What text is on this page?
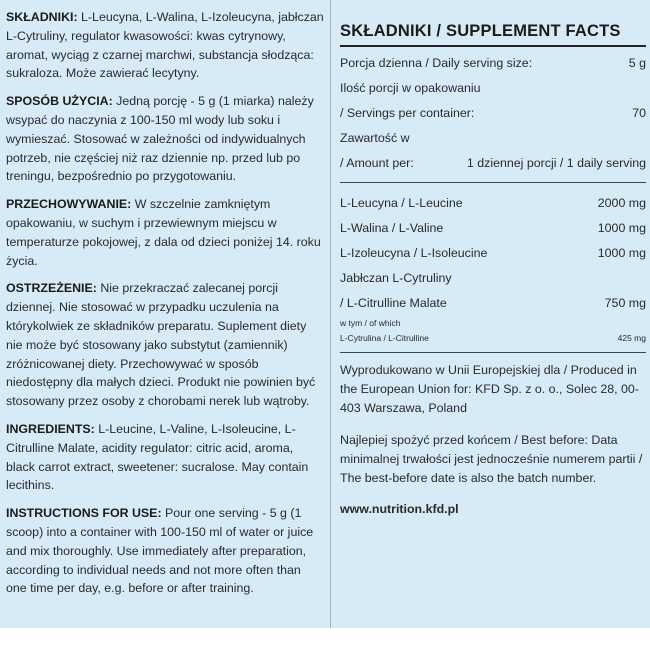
SKŁADNIKI: L-Leucyna, L-Walina, L-Izoleucyna, jabłczan L-Cytruliny, regulator kwasowości: kwas cytrynowy, aromat, wyciąg z czarnej marchwi, substancja słodząca: sukraloza. Może zawierać lecytyny.
SPOSÓB UŻYCIA: Jedną porcję - 5 g (1 miarka) należy wsypać do naczynia z 100-150 ml wody lub soku i wymieszać. Stosować w zależności od indywidualnych potrzeb, nie częściej niż raz dziennie np. przed lub po treningu, bezpośrednio po przygotowaniu.
PRZECHOWYWANIE: W szczelnie zamkniętym opakowaniu, w suchym i przewiewnym miejscu w temperaturze pokojowej, z dala od dzieci poniżej 14. roku życia.
OSTRZEŻENIE: Nie przekraczać zalecanej porcji dziennej. Nie stosować w przypadku uczulenia na którykolwiek ze składników preparatu. Suplement diety nie może być stosowany jako substytut (zamiennik) zróżnicowanej diety. Przechowywać w sposób niedostępny dla małych dzieci. Produkt nie powinien być stosowany przez osoby z chorobami nerek lub wątroby.
INGREDIENTS: L-Leucine, L-Valine, L-Isoleucine, L-Citrulline Malate, acidity regulator: citric acid, aroma, black carrot extract, sweetener: sucralose. May contain lecithins.
INSTRUCTIONS FOR USE: Pour one serving - 5 g (1 scoop) into a container with 100-150 ml of water or juice and mix thoroughly. Use immediately after preparation, according to individual needs and not more often than one time per day, e.g. before or after training.
SKŁADNIKI / SUPPLEMENT FACTS
Porcja dzienna / Daily serving size:	5 g
Ilość porcji w opakowaniu
/ Servings per container:	70
Zawartość w
/ Amount per:	1 dziennej porcji / 1 daily serving
L-Leucyna / L-Leucine	2000 mg
L-Walina / L-Valine	1000 mg
L-Izoleucyna / L-Isoleucine	1000 mg
Jabłczan L-Cytruliny
/ L-Citrulline Malate	750 mg
w tym / of which
L-Cytrulina / L-Citrulline	425 mg
Wyprodukowano w Unii Europejskiej dla / Produced in the European Union for: KFD Sp. z o. o., Solec 28, 00-403 Warszawa, Poland
Najlepiej spożyć przed końcem / Best before: Data minimalnej trwałości jest jednocześnie numerem partii / The best-before date is also the batch number.
www.nutrition.kfd.pl
